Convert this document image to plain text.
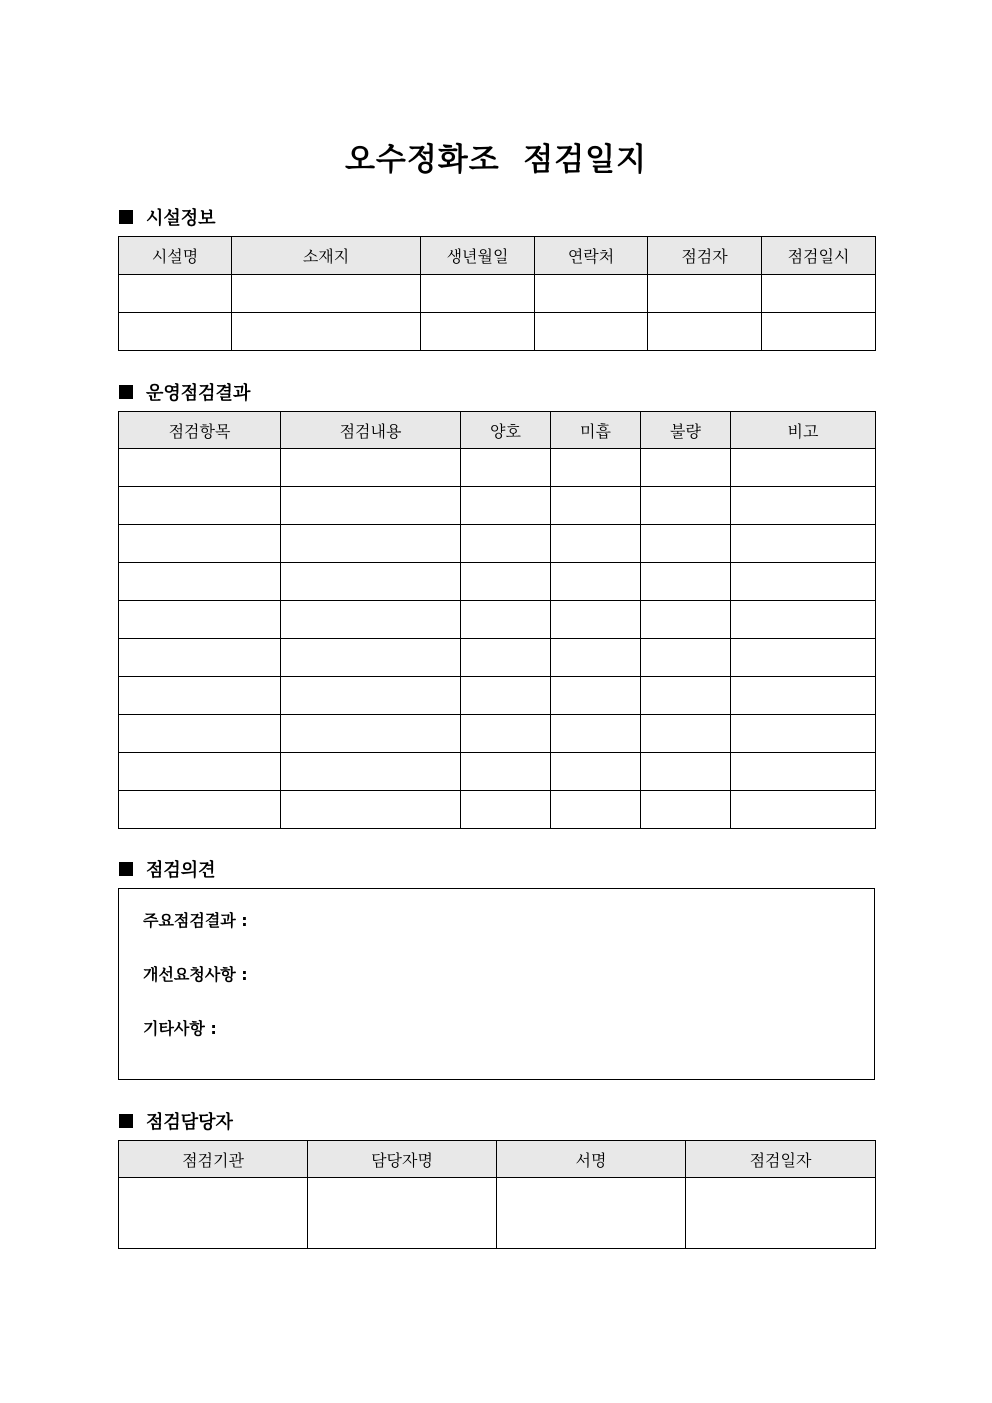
오수정화조  점검일지
시설정보
시설명	소재지	생년월일	연락처	점검자	점검일시

운영점검결과
점검항목	점검내용	양호	미흡	불량	비고

점검의견
주요점검결과 :
개선요청사항 :
기타사항 :
점검담당자
점검기관	담당자명	서명	점검일자
